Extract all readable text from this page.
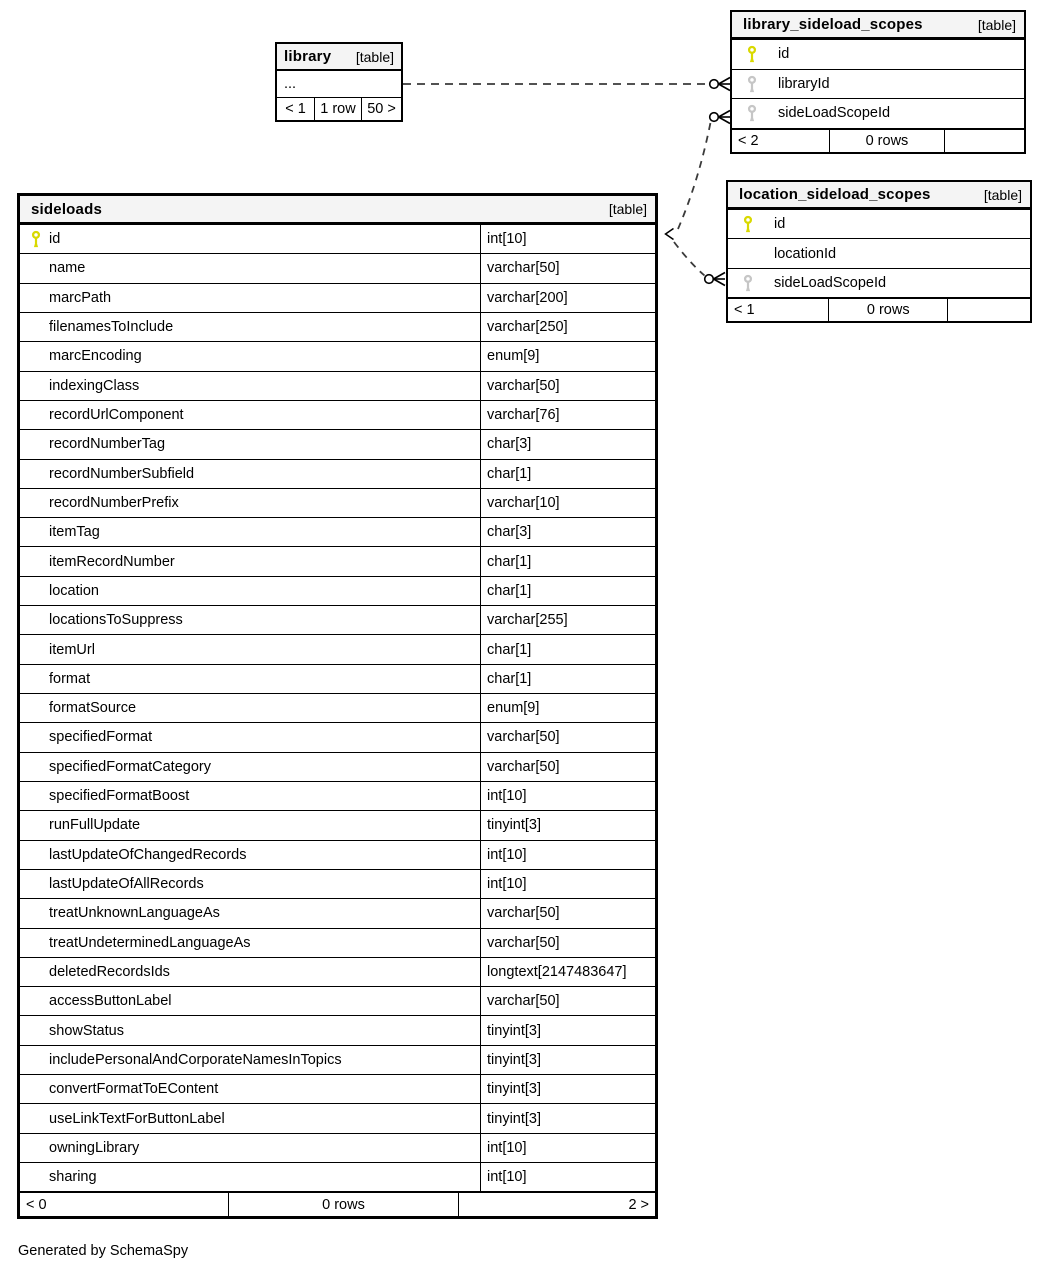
sideloads	[table]
id	int[10]
name	varchar[50]
marcPath	varchar[200]
filenamesToInclude	varchar[250]
marcEncoding	enum[9]
indexingClass	varchar[50]
recordUrlComponent	varchar[76]
recordNumberTag	char[3]
recordNumberSubfield	char[1]
recordNumberPrefix	varchar[10]
itemTag	char[3]
itemRecordNumber	char[1]
location	char[1]
locationsToSuppress	varchar[255]
itemUrl	char[1]
format	char[1]
formatSource	enum[9]
specifiedFormat	varchar[50]
specifiedFormatCategory	varchar[50]
specifiedFormatBoost	int[10]
runFullUpdate	tinyint[3]
lastUpdateOfChangedRecords	int[10]
lastUpdateOfAllRecords	int[10]
treatUnknownLanguageAs	varchar[50]
treatUndeterminedLanguageAs	varchar[50]
deletedRecordsIds	longtext[2147483647]
accessButtonLabel	varchar[50]
showStatus	tinyint[3]
includePersonalAndCorporateNamesInTopics	tinyint[3]
convertFormatToEContent	tinyint[3]
useLinkTextForButtonLabel	tinyint[3]
owningLibrary	int[10]
sharing	int[10]
< 0	0 rows	2 >
library [table]
...
< 1 1 row 50 >
library_sideload_scopes	[table]
id
libraryId
sideLoadScopeId
< 2	0 rows
location_sideload_scopes	[table]
id
locationId
sideLoadScopeId
< 1	0 rows
Generated by SchemaSpy
